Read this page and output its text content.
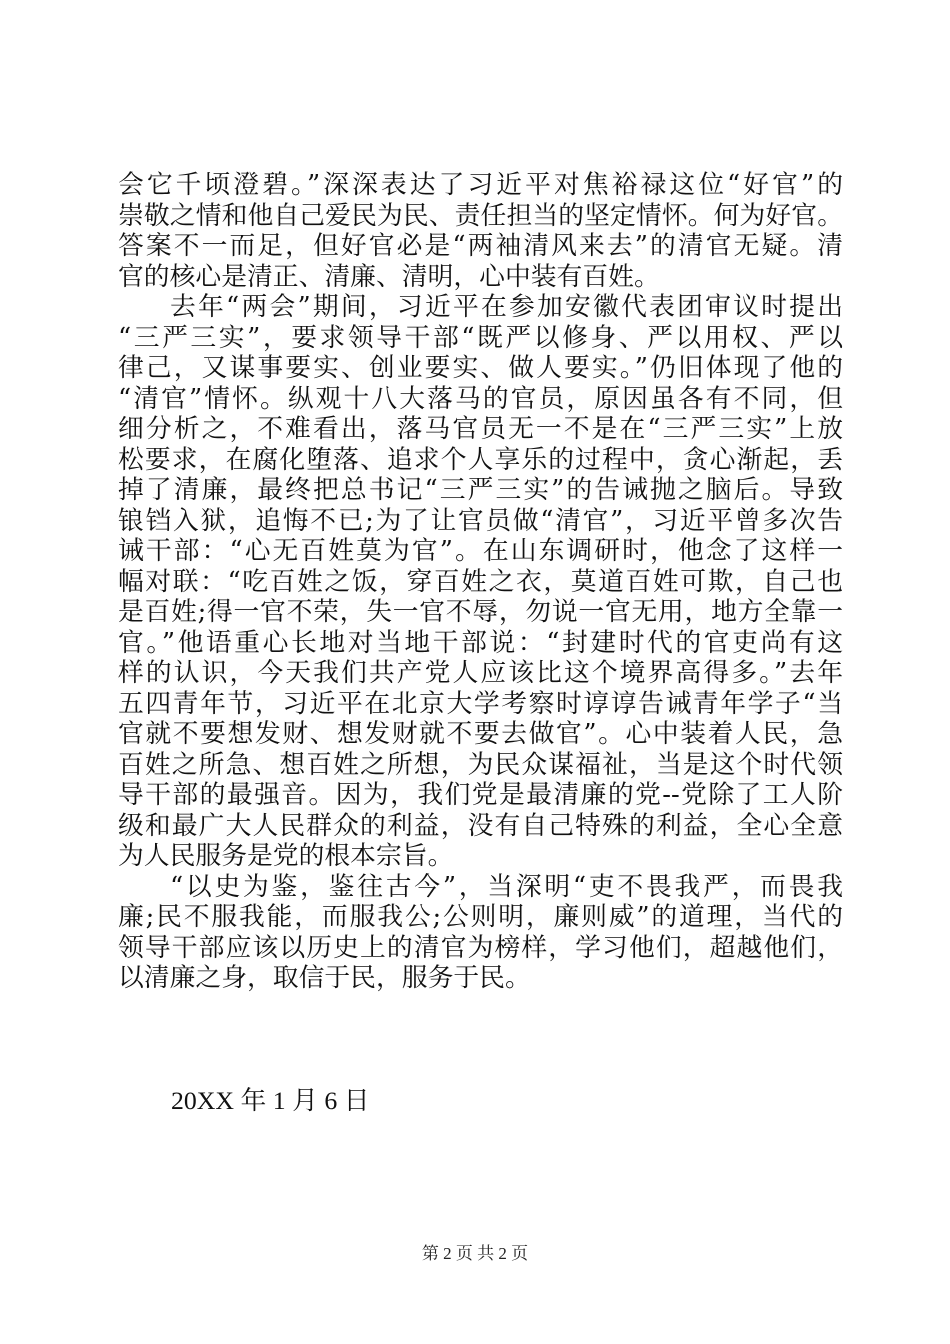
会它千顷澄碧。”深深表达了习近平对焦裕禄这位“好官”的
崇敬之情和他自己爱民为民、责任担当的坚定情怀。何为好官。
答案不一而足，但好官必是“两袖清风来去”的清官无疑。清
官的核心是清正、清廉、清明，心中装有百姓。
去年“两会”期间，习近平在参加安徽代表团审议时提出
“三严三实”，要求领导干部“既严以修身、严以用权、严以
律己，又谋事要实、创业要实、做人要实。”仍旧体现了他的
“清官”情怀。纵观十八大落马的官员，原因虽各有不同，但
细分析之，不难看出，落马官员无一不是在“三严三实”上放
松要求，在腐化堕落、追求个人享乐的过程中，贪心渐起，丢
掉了清廉，最终把总书记“三严三实”的告诫抛之脑后。导致
锒铛入狱，追悔不已;为了让官员做“清官”，习近平曾多次告
诫干部：“心无百姓莫为官”。在山东调研时，他念了这样一
幅对联：“吃百姓之饭，穿百姓之衣，莫道百姓可欺，自己也
是百姓;得一官不荣，失一官不辱，勿说一官无用，地方全靠一
官。”他语重心长地对当地干部说：“封建时代的官吏尚有这
样的认识，今天我们共产党人应该比这个境界高得多。”去年
五四青年节，习近平在北京大学考察时谆谆告诫青年学子“当
官就不要想发财、想发财就不要去做官”。心中装着人民，急
百姓之所急、想百姓之所想，为民众谋福祉，当是这个时代领
导干部的最强音。因为，我们党是最清廉的党--党除了工人阶
级和最广大人民群众的利益，没有自己特殊的利益，全心全意
为人民服务是党的根本宗旨。
“以史为鉴，鉴往古今”，当深明“吏不畏我严，而畏我
廉;民不服我能，而服我公;公则明，廉则威”的道理，当代的
领导干部应该以历史上的清官为榜样，学习他们，超越他们，
以清廉之身，取信于民，服务于民。
20XX 年 1 月 6 日
第 2 页 共 2 页
